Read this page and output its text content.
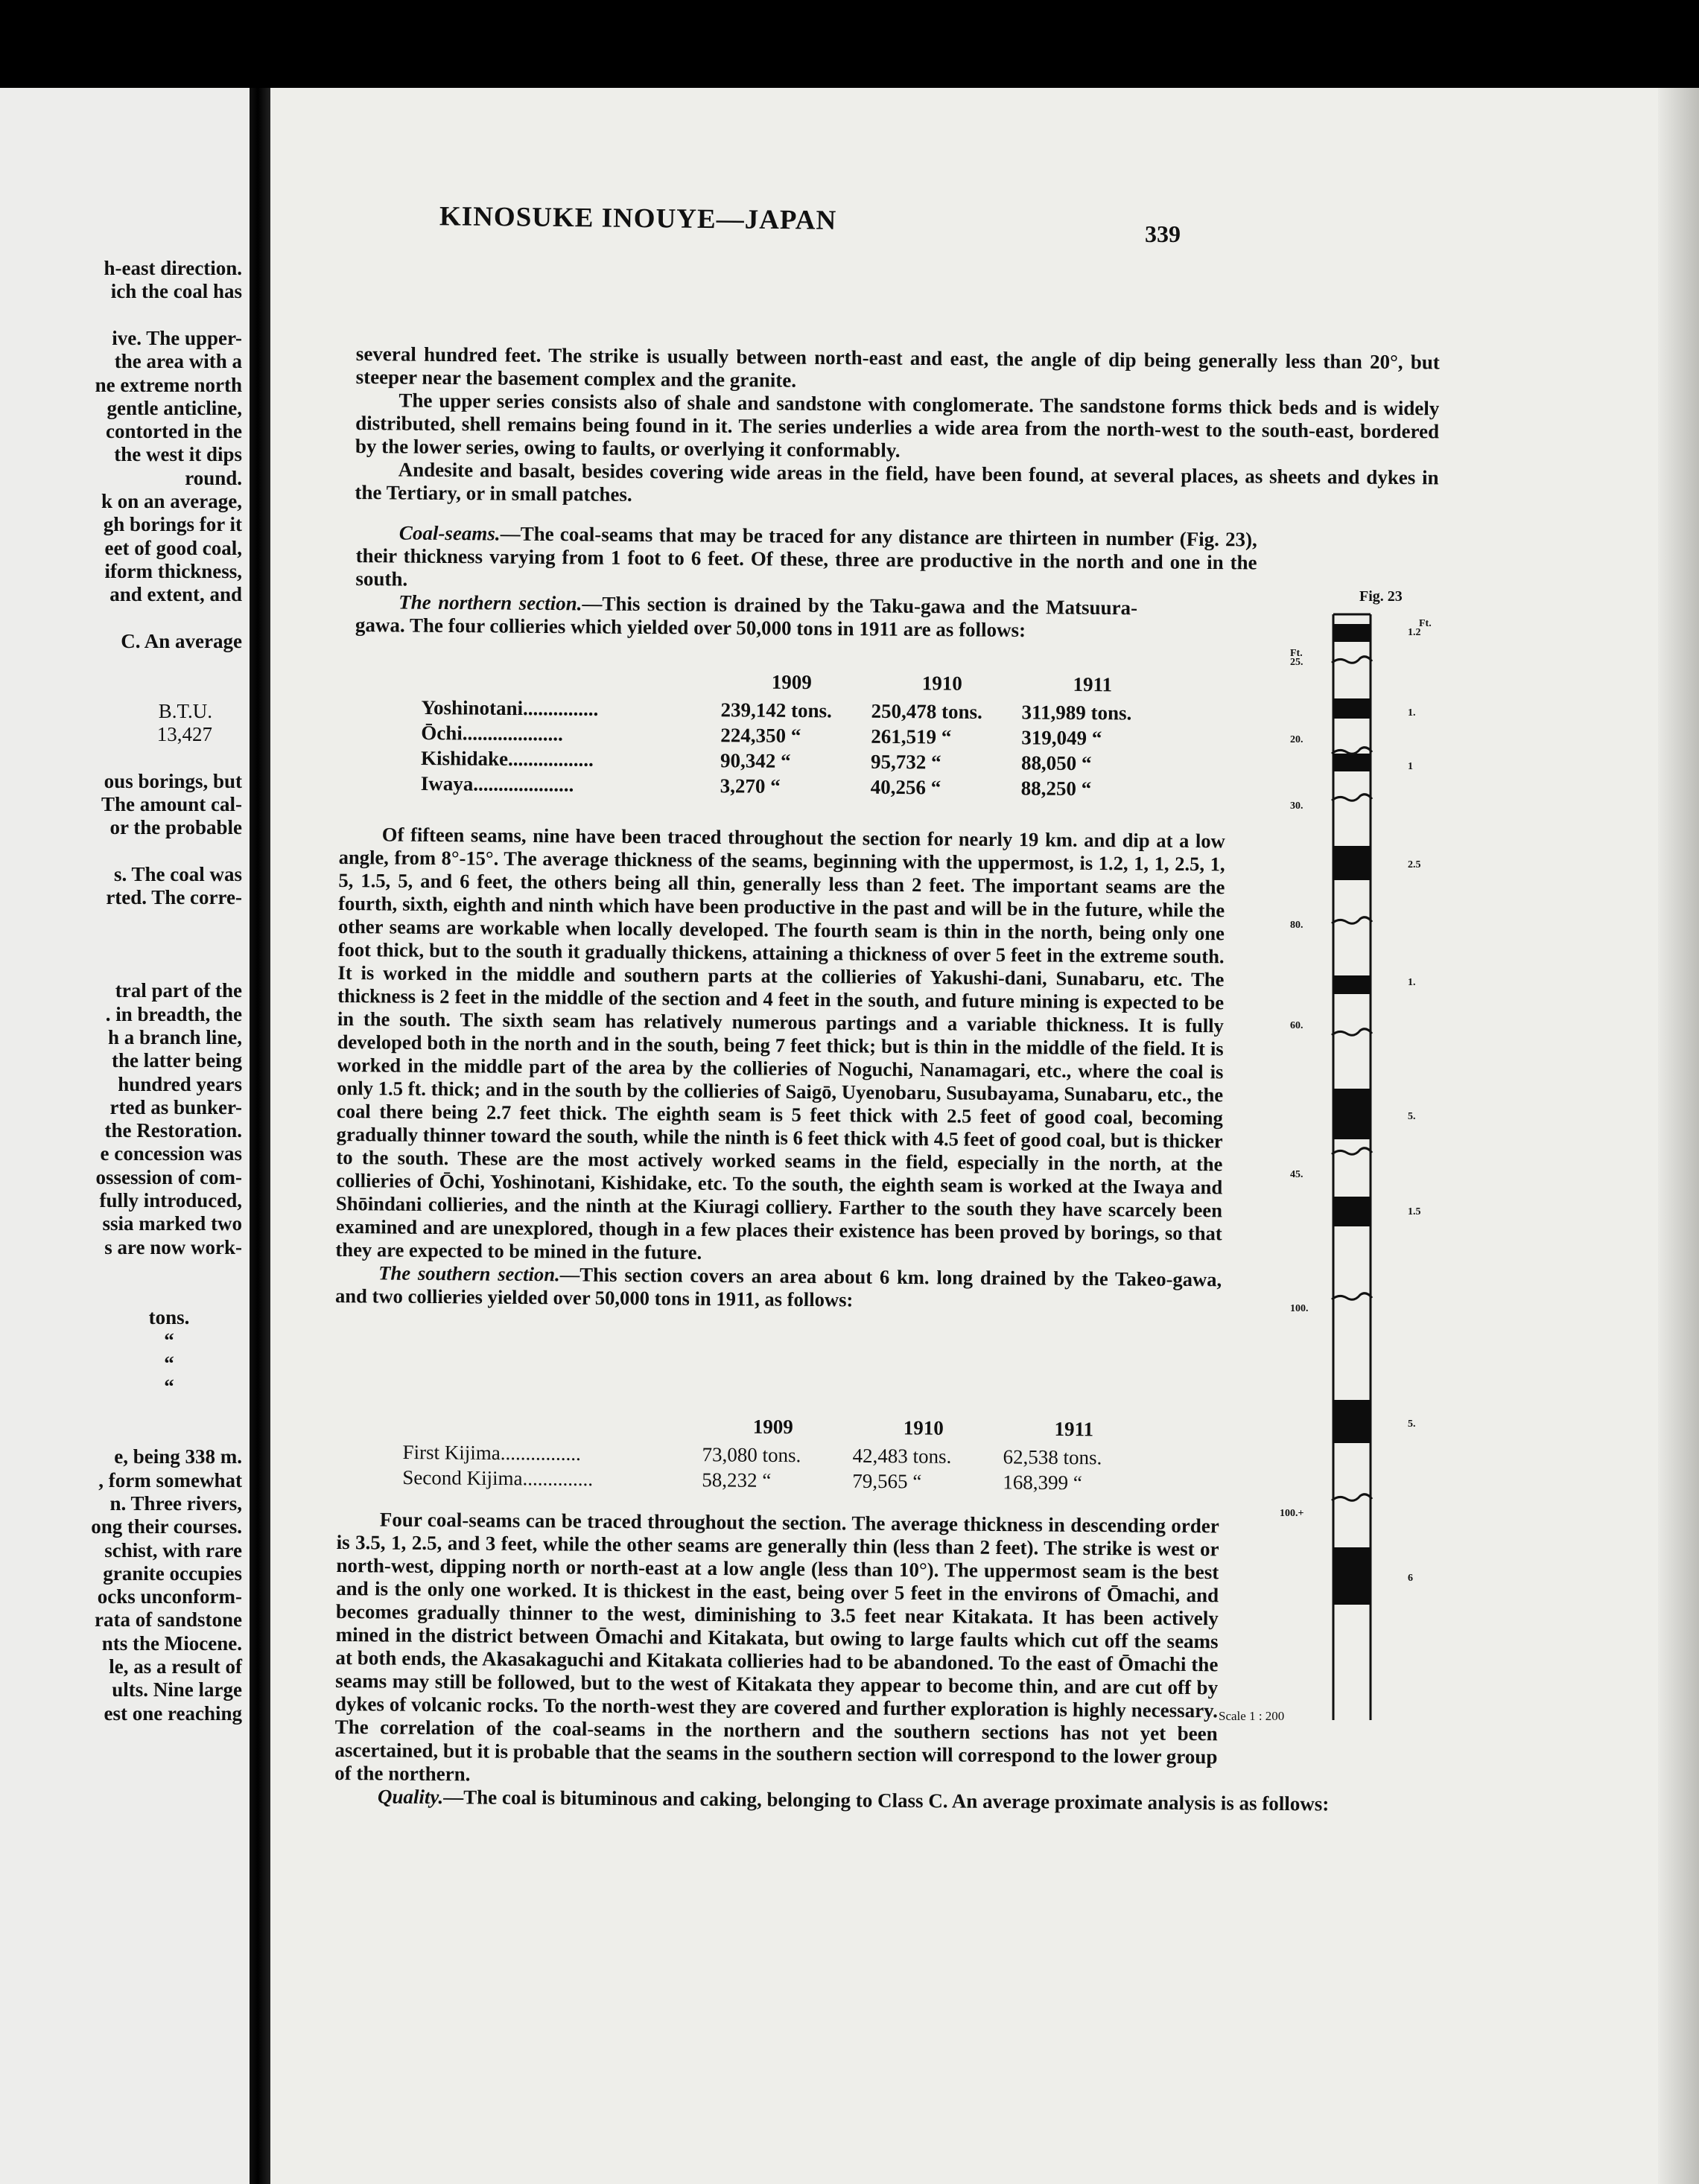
h-east direction.
ich the coal has
ive. The upper-
the area with a
ne extreme north
gentle anticline,
contorted in the
the west it dips
round.
k on an average,
gh borings for it
eet of good coal,
iform thickness,
and extent, and
C. An average
B.T.U.
13,427
ous borings, but
The amount cal-
or the probable
s. The coal was
rted. The corre-
tral part of the
. in breadth, the
h a branch line,
the latter being
hundred years
rted as bunker-
the Restoration.
e concession was
ossession of com-
fully introduced,
ssia marked two
s are now work-
tons.
“
“
“
e, being 338 m.
, form somewhat
n. Three rivers,
ong their courses.
schist, with rare
granite occupies
ocks unconform-
rata of sandstone
nts the Miocene.
le, as a result of
ults. Nine large
est one reaching
KINOSUKE INOUYE—JAPAN	339

several hundred feet. The strike is usually between north-east and east, the angle of dip being generally less than 20°, but steeper near the basement complex and the granite.

The upper series consists also of shale and sandstone with conglomerate. The sandstone forms thick beds and is widely distributed, shell remains being found in it. The series underlies a wide area from the north-west to the south-east, bordered by the lower series, owing to faults, or overlying it conformably.

Andesite and basalt, besides covering wide areas in the field, have been found, at several places, as sheets and dykes in the Tertiary, or in small patches.

Coal-seams.—The coal-seams that may be traced for any distance are thirteen in number (Fig. 23), their thickness varying from 1 foot to 6 feet. Of these, three are productive in the north and one in the south.

The northern section.—This section is drained by the Taku-gawa and the Matsuura-gawa. The four collieries which yielded over 50,000 tons in 1911 are as follows:

	1909	1910	1911
Yoshinotani...............	239,142 tons.	250,478 tons.	311,989 tons.
Ōchi....................	224,350 “	261,519 “	319,049 “
Kishidake.................	90,342 “	95,732 “	88,050 “
Iwaya....................	3,270 “	40,256 “	88,250 “

Of fifteen seams, nine have been traced throughout the section for nearly 19 km. and dip at a low angle, from 8°-15°. The average thickness of the seams, beginning with the uppermost, is 1.2, 1, 1, 2.5, 1, 5, 1.5, 5, and 6 feet, the others being all thin, generally less than 2 feet. The important seams are the fourth, sixth, eighth and ninth which have been productive in the past and will be in the future, while the other seams are workable when locally developed. The fourth seam is thin in the north, being only one foot thick, but to the south it gradually thickens, attaining a thickness of over 5 feet in the extreme south. It is worked in the middle and southern parts at the collieries of Yakushi-dani, Sunabaru, etc. The thickness is 2 feet in the middle of the section and 4 feet in the south, and future mining is expected to be in the south. The sixth seam has relatively numerous partings and a variable thickness. It is fully developed both in the north and in the south, being 7 feet thick; but is thin in the middle of the field. It is worked in the middle part of the area by the collieries of Noguchi, Nanamagari, etc., where the coal is only 1.5 ft. thick; and in the south by the collieries of Saigō, Uyenobaru, Susubayama, Sunabaru, etc., the coal there being 2.7 feet thick. The eighth seam is 5 feet thick with 2.5 feet of good coal, becoming gradually thinner toward the south, while the ninth is 6 feet thick with 4.5 feet of good coal, but is thicker to the south. These are the most actively worked seams in the field, especially in the north, at the collieries of Ōchi, Yoshinotani, Kishidake, etc. To the south, the eighth seam is worked at the Iwaya and Shōindani collieries, and the ninth at the Kiuragi colliery. Farther to the south they have scarcely been examined and are unexplored, though in a few places their existence has been proved by borings, so that they are expected to be mined in the future.

The southern section.—This section covers an area about 6 km. long drained by the Takeo-gawa, and two collieries yielded over 50,000 tons in 1911, as follows:

	1909	1910	1911
First Kijima................	73,080 tons.	42,483 tons.	62,538 tons.
Second Kijima..............	58,232 “	79,565 “	168,399 “

Four coal-seams can be traced throughout the section. The average thickness in descending order is 3.5, 1, 2.5, and 3 feet, while the other seams are generally thin (less than 2 feet). The strike is west or north-west, dipping north or north-east at a low angle (less than 10°). The uppermost seam is the best and is the only one worked. It is thickest in the east, being over 5 feet in the environs of Ōmachi, and becomes gradually thinner to the west, diminishing to 3.5 feet near Kitakata. It has been actively mined in the district between Ōmachi and Kitakata, but owing to large faults which cut off the seams at both ends, the Akasakaguchi and Kitakata collieries had to be abandoned. To the east of Ōmachi the seams may still be followed, but to the west of Kitakata they appear to become thin, and are cut off by dykes of volcanic rocks. To the north-west they are covered and further exploration is highly necessary. The correlation of the coal-seams in the northern and the southern sections has not yet been ascertained, but it is probable that the seams in the southern section will correspond to the lower group of the northern.

Quality.—The coal is bituminous and caking, belonging to Class C. An average proximate analysis is as follows:

Fig. 23
Ft.
Scale 1 : 200
25.
20.
30.
80.
60.
45.
100.
100.+
Ft.
1.2
1.
1
2.5
1.
5.
1.5
5.
6
